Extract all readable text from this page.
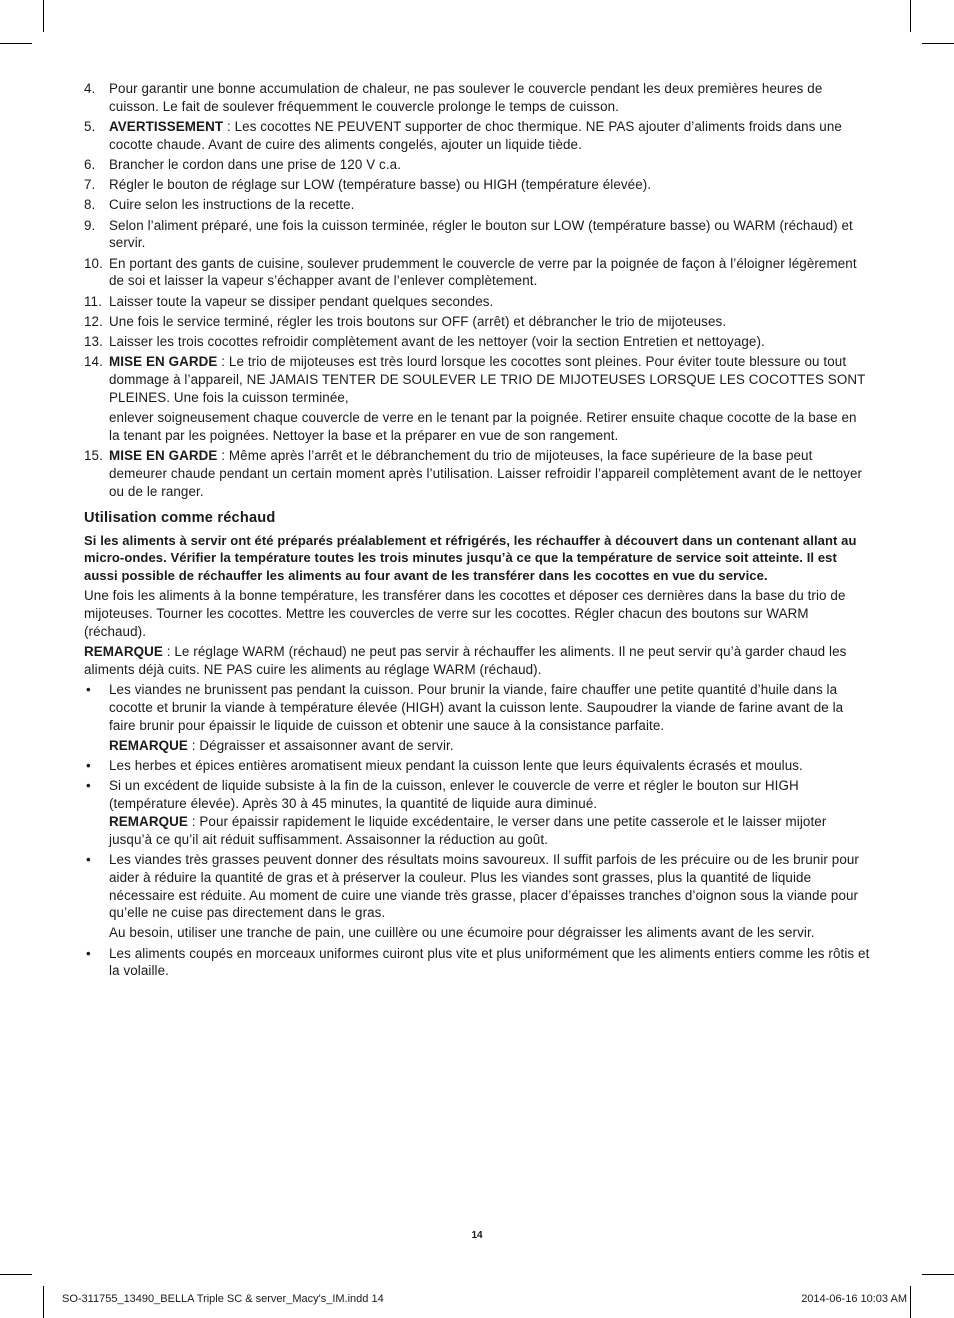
4. Pour garantir une bonne accumulation de chaleur, ne pas soulever le couvercle pendant les deux premières heures de cuisson. Le fait de soulever fréquemment le couvercle prolonge le temps de cuisson.
5. AVERTISSEMENT : Les cocottes NE PEUVENT supporter de choc thermique. NE PAS ajouter d’aliments froids dans une cocotte chaude. Avant de cuire des aliments congelés, ajouter un liquide tiède.
6. Brancher le cordon dans une prise de 120 V c.a.
7. Régler le bouton de réglage sur LOW (température basse) ou HIGH (température élevée).
8. Cuire selon les instructions de la recette.
9. Selon l’aliment préparé, une fois la cuisson terminée, régler le bouton sur LOW (température basse) ou WARM (réchaud) et servir.
10. En portant des gants de cuisine, soulever prudemment le couvercle de verre par la poignée de façon à l’éloigner légèrement de soi et laisser la vapeur s’échapper avant de l’enlever complètement.
11. Laisser toute la vapeur se dissiper pendant quelques secondes.
12. Une fois le service terminé, régler les trois boutons sur OFF (arrêt) et débrancher le trio de mijoteuses.
13. Laisser les trois cocottes refroidir complètement avant de les nettoyer (voir la section Entretien et nettoyage).
14. MISE EN GARDE : Le trio de mijoteuses est très lourd lorsque les cocottes sont pleines. Pour éviter toute blessure ou tout dommage à l’appareil, NE JAMAIS TENTER DE SOULEVER LE TRIO DE MIJOTEUSES LORSQUE LES COCOTTES SONT PLEINES. Une fois la cuisson terminée,
enlever soigneusement chaque couvercle de verre en le tenant par la poignée. Retirer ensuite chaque cocotte de la base en la tenant par les poignées. Nettoyer la base et la préparer en vue de son rangement.
15. MISE EN GARDE : Même après l’arrêt et le débranchement du trio de mijoteuses, la face supérieure de la base peut demeurer chaude pendant un certain moment après l’utilisation. Laisser refroidir l’appareil complètement avant de le nettoyer ou de le ranger.
Utilisation comme réchaud

Si les aliments à servir ont été préparés préalablement et réfrigérés, les réchauffer à découvert dans un contenant allant au micro-ondes. Vérifier la température toutes les trois minutes jusqu’à ce que la température de service soit atteinte. Il est aussi possible de réchauffer les aliments au four avant de les transférer dans les cocottes en vue du service.

Une fois les aliments à la bonne température, les transférer dans les cocottes et déposer ces dernières dans la base du trio de mijoteuses. Tourner les cocottes. Mettre les couvercles de verre sur les cocottes. Régler chacun des boutons sur WARM (réchaud).

REMARQUE : Le réglage WARM (réchaud) ne peut pas servir à réchauffer les aliments. Il ne peut servir qu’à garder chaud les aliments déjà cuits. NE PAS cuire les aliments au réglage WARM (réchaud).

• Les viandes ne brunissent pas pendant la cuisson. Pour brunir la viande, faire chauffer une petite quantité d’huile dans la cocotte et brunir la viande à température élevée (HIGH) avant la cuisson lente. Saupoudrer la viande de farine avant de la faire brunir pour épaissir le liquide de cuisson et obtenir une sauce à la consistance parfaite.
REMARQUE : Dégraisser et assaisonner avant de servir.
• Les herbes et épices entières aromatisent mieux pendant la cuisson lente que leurs équivalents écrasés et moulus.
• Si un excédent de liquide subsiste à la fin de la cuisson, enlever le couvercle de verre et régler le bouton sur HIGH (température élevée). Après 30 à 45 minutes, la quantité de liquide aura diminué.
REMARQUE : Pour épaissir rapidement le liquide excédentaire, le verser dans une petite casserole et le laisser mijoter jusqu’à ce qu’il ait réduit suffisamment. Assaisonner la réduction au goût.
• Les viandes très grasses peuvent donner des résultats moins savoureux. Il suffit parfois de les précuire ou de les brunir pour aider à réduire la quantité de gras et à préserver la couleur. Plus les viandes sont grasses, plus la quantité de liquide nécessaire est réduite. Au moment de cuire une viande très grasse, placer d’épaisses tranches d’oignon sous la viande pour qu’elle ne cuise pas directement dans le gras.
Au besoin, utiliser une tranche de pain, une cuillère ou une écumoire pour dégraisser les aliments avant de les servir.
• Les aliments coupés en morceaux uniformes cuiront plus vite et plus uniformément que les aliments entiers comme les rôtis et la volaille.
14
SO-311755_13490_BELLA Triple SC & server_Macy's_IM.indd 14	2014-06-16 10:03 AM
